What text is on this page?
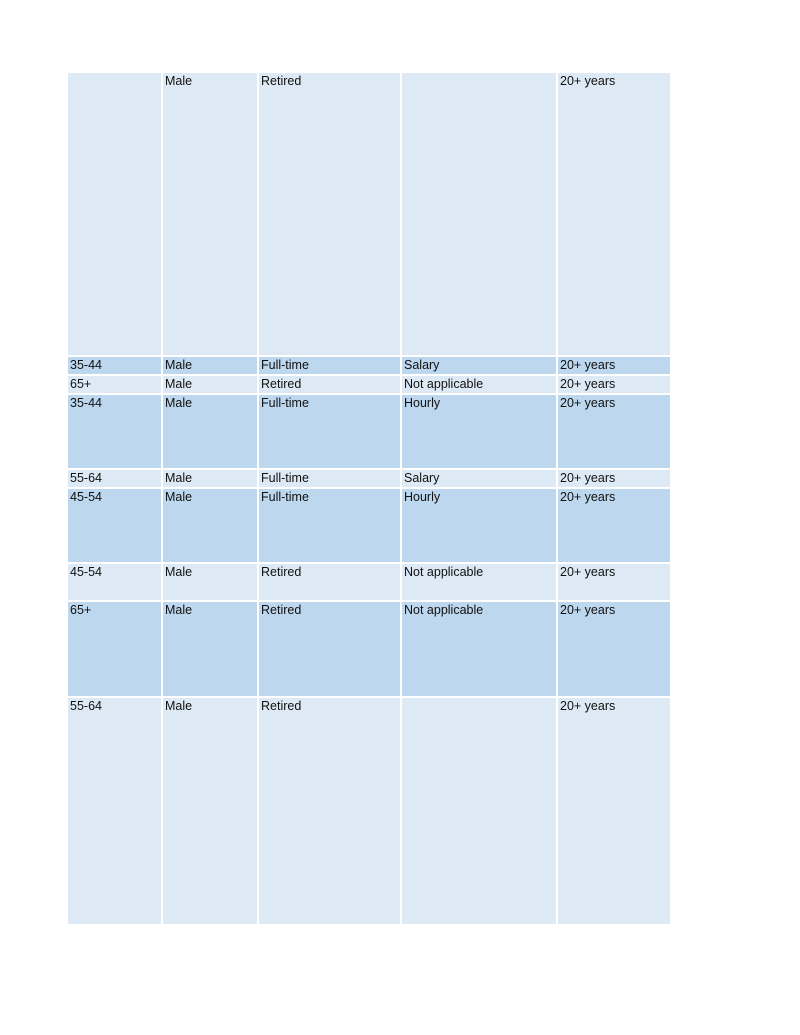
	Male	Retired		20+ years
35-44	Male	Full-time	Salary	20+ years
65+	Male	Retired	Not applicable	20+ years
35-44	Male	Full-time	Hourly	20+ years
55-64	Male	Full-time	Salary	20+ years
45-54	Male	Full-time	Hourly	20+ years
45-54	Male	Retired	Not applicable	20+ years
65+	Male	Retired	Not applicable	20+ years
55-64	Male	Retired		20+ years
